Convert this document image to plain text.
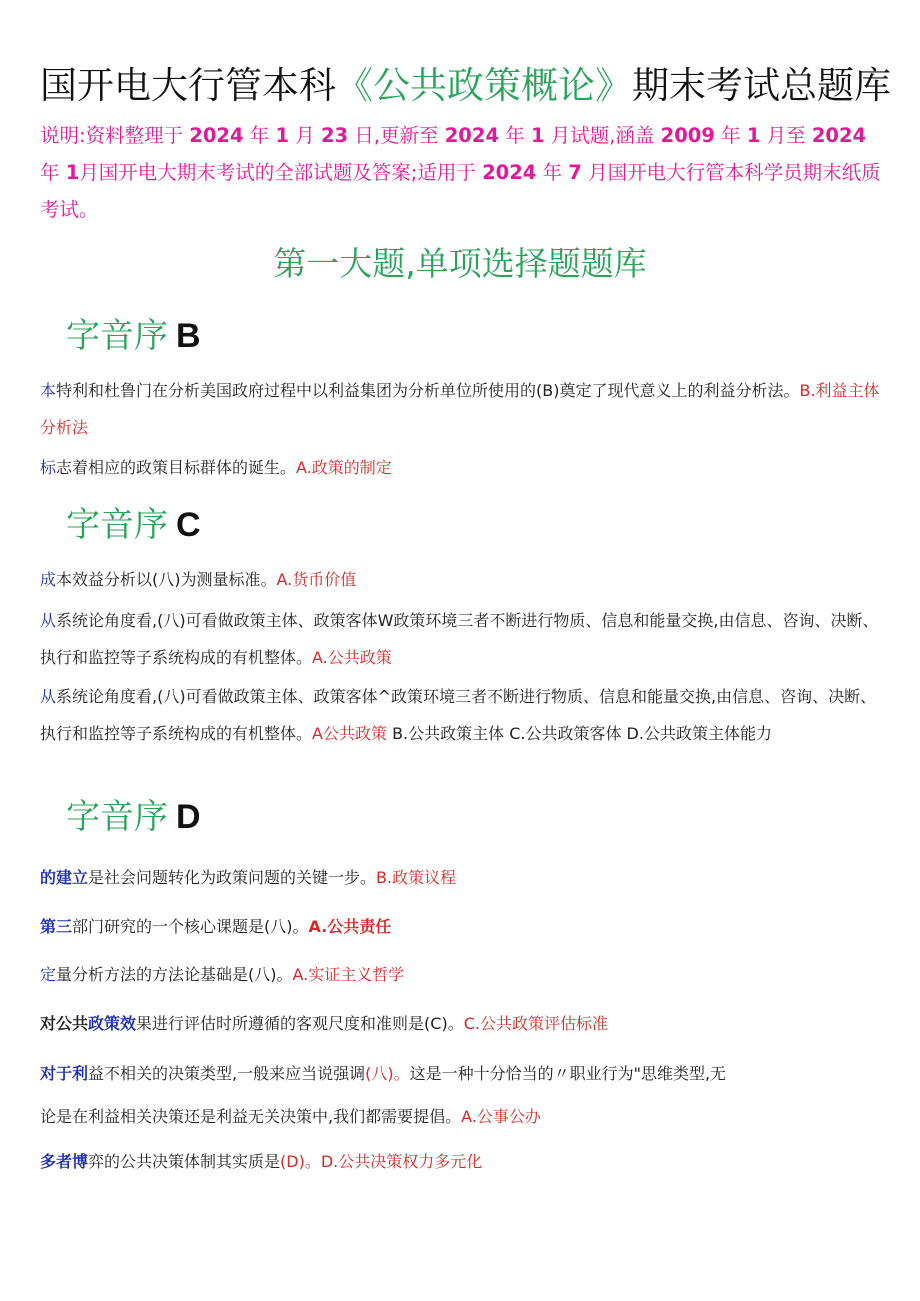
国开电大行管本科《公共政策概论》期末考试总题库
说明:资料整理于 2024 年 1 月 23 日,更新至 2024 年 1 月试题,涵盖 2009 年 1 月至 2024 年 1月国开电大期末考试的全部试题及答案;适用于 2024 年 7 月国开电大行管本科学员期末纸质考试。
第一大题,单项选择题题库
字音序 B
本特利和杜鲁门在分析美国政府过程中以利益集团为分析单位所使用的(B)奠定了现代意义上的利益分析法。B.利益主体分析法
标志着相应的政策目标群体的诞生。A.政策的制定
字音序 C
成本效益分析以(八)为测量标准。A.货币价值
从系统论角度看,(八)可看做政策主体、政策客体W政策环境三者不断进行物质、信息和能量交换,由信息、咨询、决断、执行和监控等子系统构成的有机整体。A.公共政策
从系统论角度看,(八)可看做政策主体、政策客体^政策环境三者不断进行物质、信息和能量交换,由信息、咨询、决断、执行和监控等子系统构成的有机整体。A公共政策 B.公共政策主体 C.公共政策客体 D.公共政策主体能力
字音序 D
的建立是社会问题转化为政策问题的关键一步。B.政策议程
第三部门研究的一个核心课题是(八)。A.公共责任
定量分析方法的方法论基础是(八)。A.实证主义哲学
对公共政策效果进行评估时所遵循的客观尺度和准则是(C)。C.公共政策评估标准
对于利益不相关的决策类型,一般来应当说强调(八)。这是一种十分恰当的〃职业行为"思维类型,无
论是在利益相关决策还是利益无关决策中,我们都需要提倡。A.公事公办
多者博弈的公共决策体制其实质是(D)。D.公共决策权力多元化
